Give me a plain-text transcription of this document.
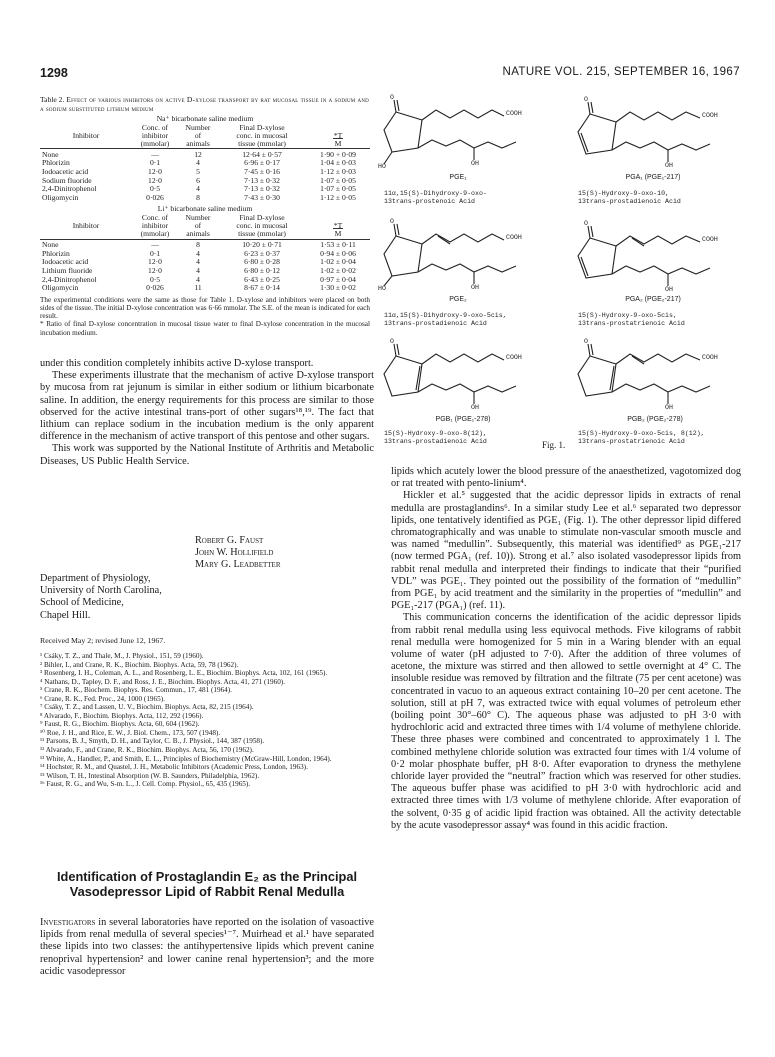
1298	NATURE VOL. 215, SEPTEMBER 16, 1967
Table 2. Effect of various inhibitors on active D-xylose transport by rat mucosal tissue in a sodium and a sodium substituted lithium medium
Na⁺ bicarbonate saline medium

Inhibitor	Conc. of
inhibitor
(mmolar)	Number
of
animals	Final D-xylose
conc. in mucosal
tissue (mmolar)	*T
M

None	—	12	12·64 ± 0·57	1·90 + 0·09
Phlorizin	0·1	4	6·96 ± 0·17	1·04 ± 0·03
Iodoacetic acid	12·0	5	7·45 ± 0·16	1·12 ± 0·03
Sodium fluoride	12·0	6	7·13 ± 0·32	1·07 ± 0·05
2,4-Dinitrophenol	0·5	4	7·13 ± 0·32	1·07 ± 0·05
Oligomycin	0·026	8	7·43 ± 0·30	1·12 ± 0·05
Li⁺ bicarbonate saline medium

Inhibitor	Conc. of
inhibitor
(mmolar)	Number
of
animals	Final D-xylose
conc. in mucosal
tissue (mmolar)	*T
M

None	—	8	10·20 ± 0·71	1·53 ± 0·11
Phlorizin	0·1	4	6·23 ± 0·37	0·94 ± 0·06
Iodoacetic acid	12·0	4	6·80 ± 0·28	1·02 ± 0·04
Lithium fluoride	12·0	4	6·80 ± 0·12	1·02 ± 0·02
2,4-Dinitrophenol	0·5	4	6·43 ± 0·25	0·97 ± 0·04
Oligomycin	0·026	11	8·67 ± 0·14	1·30 ± 0·02
The experimental conditions were the same as those for Table 1. D-xylose and inhibitors were placed on both sides of the tissue. The initial D-xylose concentration was 6·66 mmolar. The S.E. of the mean is indicated for each result.
* Ratio of final D-xylose concentration in mucosal tissue water to final D-xylose concentration in the mucosal incubation medium.

under this condition completely inhibits active D-xylose transport.

These experiments illustrate that the mechanism of active D-xylose transport by mucosa from rat jejunum is similar in either sodium or lithium bicarbonate saline. In addition, the energy requirements for this process are similar to those observed for the active intestinal trans-port of other sugars¹⁸,¹⁹. The fact that lithium can replace sodium in the incubation medium is the only apparent difference in the mechanism of active transport of this pentose and other sugars.

This work was supported by the National Institute of Arthritis and Metabolic Diseases, US Public Health Service.

Robert G. Faust
John W. Hollifield
Mary G. Leadbetter
Department of Physiology,
University of North Carolina,
School of Medicine,
Chapel Hill.
Received May 2; revised June 12, 1967.
¹ Csáky, T. Z., and Thale, M., J. Physiol., 151, 59 (1960).
² Bihler, I., and Crane, R. K., Biochim. Biophys. Acta, 59, 78 (1962).
³ Rosenberg, I. H., Coleman, A. L., and Rosenberg, L. E., Biochim. Biophys. Acta, 102, 161 (1965).
⁴ Nathans, D., Tapley, D. F., and Ross, J. E., Biochim. Biophys. Acta, 41, 271 (1960).
⁵ Crane, R. K., Biochem. Biophys. Res. Commun., 17, 481 (1964).
⁶ Crane, R. K., Fed. Proc., 24, 1000 (1965).
⁷ Csáky, T. Z., and Lassen, U. V., Biochim. Biophys. Acta, 82, 215 (1964).
⁸ Alvarado, F., Biochim. Biophys. Acta, 112, 292 (1966).
⁹ Faust, R. G., Biochim. Biophys. Acta, 60, 604 (1962).
¹⁰ Roe, J. H., and Rice, E. W., J. Biol. Chem., 173, 507 (1948).
¹¹ Parsons, B. J., Smyth, D. H., and Taylor, C. B., J. Physiol., 144, 387 (1958).
¹² Alvarado, F., and Crane, R. K., Biochim. Biophys. Acta, 56, 170 (1962).
¹³ White, A., Handler, P., and Smith, E. L., Principles of Biochemistry (McGraw-Hill, London, 1964).
¹⁴ Hochster, R. M., and Quastel, J. H., Metabolic Inhibitors (Academic Press, London, 1963).
¹⁵ Wilson, T. H., Intestinal Absorption (W. B. Saunders, Philadelphia, 1962).
¹⁶ Faust, R. G., and Wu, S-m. L., J. Cell. Comp. Physiol., 65, 435 (1965).
Identification of Prostaglandin E₂ as the Principal Vasodepressor Lipid of Rabbit Renal Medulla
Investigators in several laboratories have reported on the isolation of vasoactive lipids from renal medulla of several species¹⁻⁷. Muirhead et al.¹ have separated these lipids into two classes: the antihypertensive lipids which prevent canine renoprival hypertension² and lower canine renal hypertension³; and the more acidic vasodepressor

lipids which acutely lower the blood pressure of the anaesthetized, vagotomized dog or rat treated with pento-linium⁴.

Hickler et al.⁵ suggested that the acidic depressor lipids in extracts of renal medulla are prostaglandins⁶. In a similar study Lee et al.⁶ separated two depressor lipids, one tentatively identified as PGE₁ (Fig. 1). The other depressor lipid differed chromatographically and was unable to stimulate non-vascular smooth muscle and was named “medullin”. Subsequently, this material was identified⁹ as PGE₁-217 (now termed PGA₁ (ref. 10)). Strong et al.⁷ also isolated vasodepressor lipids from rabbit renal medulla and interpreted their findings to indicate that their “purified VDL” was PGE₁. They pointed out the possibility of the formation of “medullin” from PGE₁ by acid treatment and the similarity in the properties of “medullin” and PGE₁-217 (PGA₁) (ref. 11).

This communication concerns the identification of the acidic depressor lipids from rabbit renal medulla using less equivocal methods. Five kilograms of rabbit renal medulla were homogenized for 5 min in a Waring blender with an equal volume of water (pH adjusted to 7·0). After the addition of three volumes of acetone, the mixture was stirred and then allowed to settle overnight at 4° C. The insoluble residue was removed by filtration and the filtrate (75 per cent acetone) was concentrated in vacuo to an aqueous extract containing 10–20 per cent acetone. The solution, still at pH 7, was extracted twice with equal volumes of petroleum ether (boiling point 30°–60° C). The aqueous phase was adjusted to pH 3·0 with hydrochloric acid and extracted three times with 1/4 volume of methylene chloride. These three phases were combined and concentrated to approximately 1 l. The combined methylene chloride solution was extracted four times with 1/4 volume of 0·2 molar phosphate buffer, pH 8·0. After evaporation to dryness the methylene chloride layer provided the “neutral” fraction which was reserved for other studies. The aqueous buffer phase was acidified to pH 3·0 with hydrochloric acid and extracted three times with 1/3 volume of methylene chloride. After evaporation of the solvent, 0·35 g of acidic lipid fraction was obtained. All the activity detectable by the acute vasodepressor assay⁴ was found in this acidic fraction.

O
COOH
HO	OH
O
COOH
OH
O
COOH
HO	OH
O
COOH
OH
O
COOH
OH
O
COOH
OH
PGE₁
11α,15(S)-Dihydroxy-9-oxo-
13trans-prostenoic Acid
PGA₁ (PGE₁-217)
15(S)-Hydroxy-9-oxo-10,
13trans-prostadienoic Acid
PGE₂
11α,15(S)-Dihydroxy-9-oxo-5cis,
13trans-prostadienoic Acid
PGA₂ (PGE₂-217)
15(S)-Hydroxy-9-oxo-5cis,
13trans-prostatrienoic Acid
PGB₁ (PGE₁-278)
15(S)-Hydroxy-9-oxo-8(12),
13trans-prostadienoic Acid
PGB₂ (PGE₂-278)
15(S)-Hydroxy-9-oxo-5cis, 8(12),
13trans-prostatrienoic Acid
Fig. 1.
